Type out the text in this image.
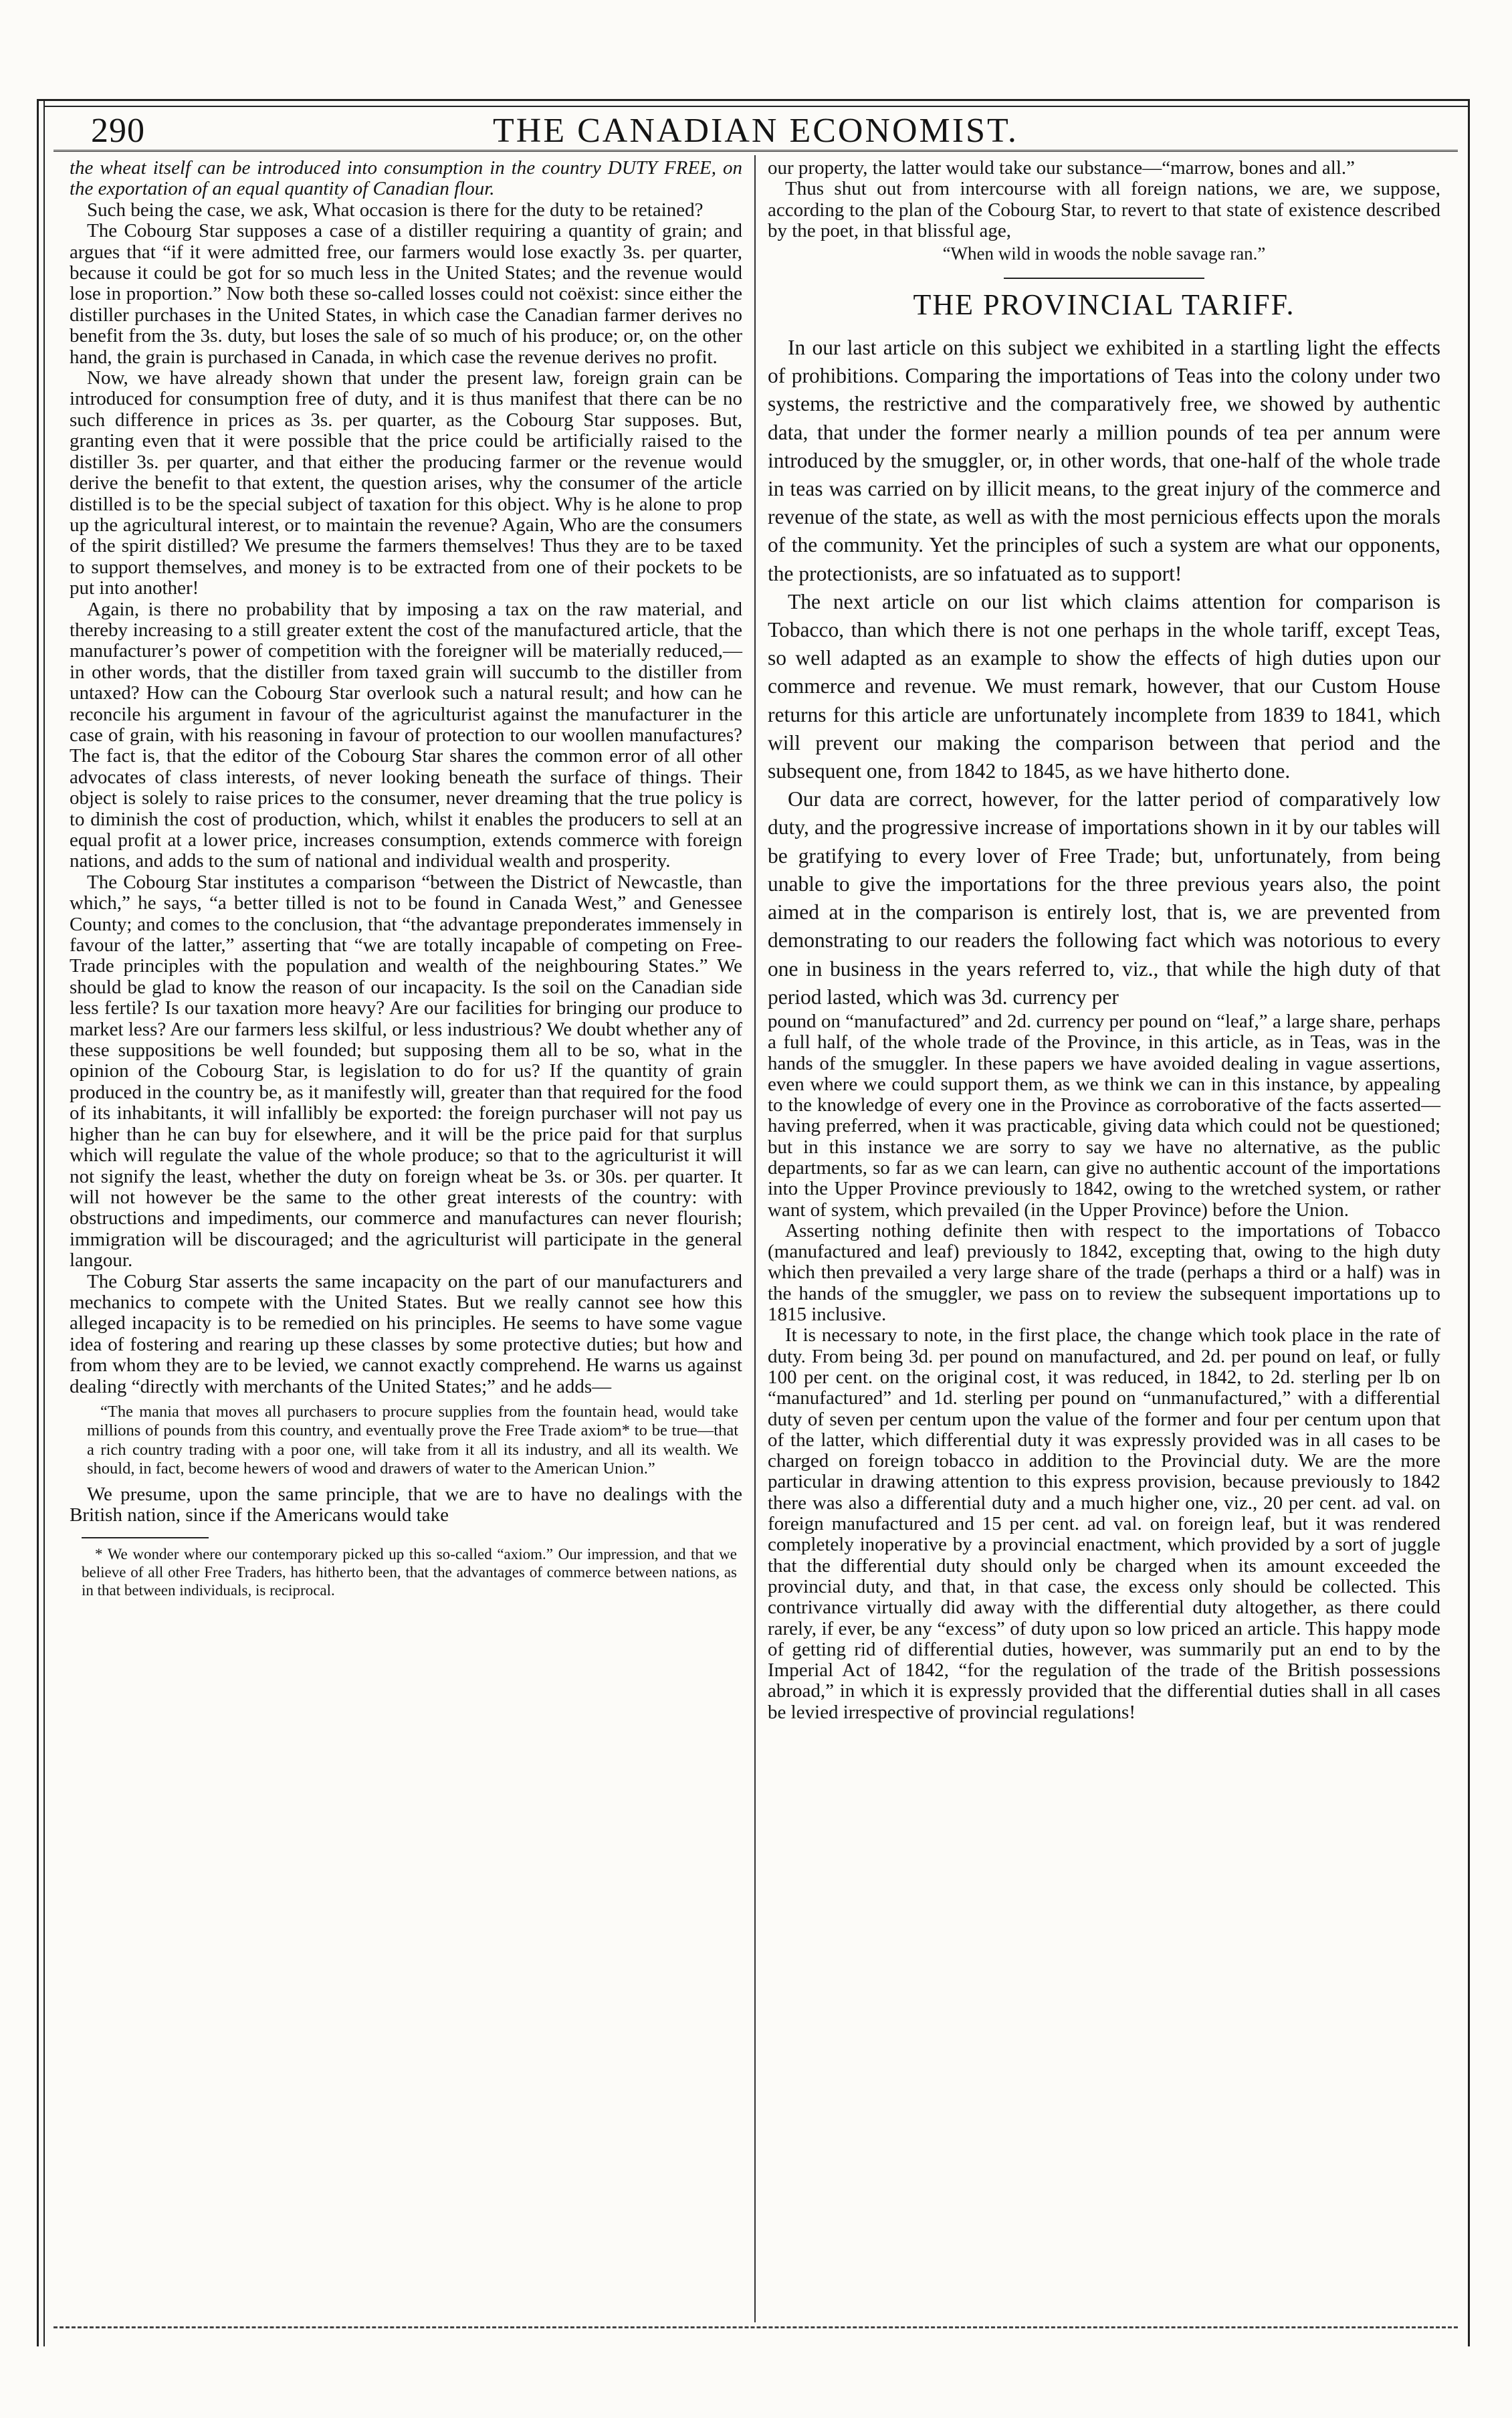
290	THE CANADIAN ECONOMIST.

the wheat itself can be introduced into consumption in the country DUTY FREE, on the exportation of an equal quantity of Canadian flour.

Such being the case, we ask, What occasion is there for the duty to be retained?

The Cobourg Star supposes a case of a distiller requiring a quantity of grain; and argues that “if it were admitted free, our farmers would lose exactly 3s. per quarter, because it could be got for so much less in the United States; and the revenue would lose in proportion.” Now both these so-called losses could not coëxist: since either the distiller purchases in the United States, in which case the Canadian farmer derives no benefit from the 3s. duty, but loses the sale of so much of his produce; or, on the other hand, the grain is purchased in Canada, in which case the revenue derives no profit.

Now, we have already shown that under the present law, foreign grain can be introduced for consumption free of duty, and it is thus manifest that there can be no such difference in prices as 3s. per quarter, as the Cobourg Star supposes. But, granting even that it were possible that the price could be artificially raised to the distiller 3s. per quarter, and that either the producing farmer or the revenue would derive the benefit to that extent, the question arises, why the consumer of the article distilled is to be the special subject of taxation for this object. Why is he alone to prop up the agricultural interest, or to maintain the revenue? Again, Who are the consumers of the spirit distilled? We presume the farmers themselves! Thus they are to be taxed to support themselves, and money is to be extracted from one of their pockets to be put into another!

Again, is there no probability that by imposing a tax on the raw material, and thereby increasing to a still greater extent the cost of the manufactured article, that the manufacturer’s power of competition with the foreigner will be materially reduced,—in other words, that the distiller from taxed grain will succumb to the distiller from untaxed? How can the Cobourg Star overlook such a natural result; and how can he reconcile his argument in favour of the agriculturist against the manufacturer in the case of grain, with his reasoning in favour of protection to our woollen manufactures? The fact is, that the editor of the Cobourg Star shares the common error of all other advocates of class interests, of never looking beneath the surface of things. Their object is solely to raise prices to the consumer, never dreaming that the true policy is to diminish the cost of production, which, whilst it enables the producers to sell at an equal profit at a lower price, increases consumption, extends commerce with foreign nations, and adds to the sum of national and individual wealth and prosperity.

The Cobourg Star institutes a comparison “between the District of Newcastle, than which,” he says, “a better tilled is not to be found in Canada West,” and Genessee County; and comes to the conclusion, that “the advantage preponderates immensely in favour of the latter,” asserting that “we are totally incapable of competing on Free-Trade principles with the population and wealth of the neighbouring States.” We should be glad to know the reason of our incapacity. Is the soil on the Canadian side less fertile? Is our taxation more heavy? Are our facilities for bringing our produce to market less? Are our farmers less skilful, or less industrious? We doubt whether any of these suppositions be well founded; but supposing them all to be so, what in the opinion of the Cobourg Star, is legislation to do for us? If the quantity of grain produced in the country be, as it manifestly will, greater than that required for the food of its inhabitants, it will infallibly be exported: the foreign purchaser will not pay us higher than he can buy for elsewhere, and it will be the price paid for that surplus which will regulate the value of the whole produce; so that to the agriculturist it will not signify the least, whether the duty on foreign wheat be 3s. or 30s. per quarter. It will not however be the same to the other great interests of the country: with obstructions and impediments, our commerce and manufactures can never flourish; immigration will be discouraged; and the agriculturist will participate in the general langour.

The Coburg Star asserts the same incapacity on the part of our manufacturers and mechanics to compete with the United States. But we really cannot see how this alleged incapacity is to be remedied on his principles. He seems to have some vague idea of fostering and rearing up these classes by some protective duties; but how and from whom they are to be levied, we cannot exactly comprehend. He warns us against dealing “directly with merchants of the United States;” and he adds—

“The mania that moves all purchasers to procure supplies from the fountain head, would take millions of pounds from this country, and eventually prove the Free Trade axiom* to be true—that a rich country trading with a poor one, will take from it all its industry, and all its wealth. We should, in fact, become hewers of wood and drawers of water to the American Union.”

We presume, upon the same principle, that we are to have no dealings with the British nation, since if the Americans would take

* We wonder where our contemporary picked up this so-called “axiom.” Our impression, and that we believe of all other Free Traders, has hitherto been, that the advantages of commerce between nations, as in that between individuals, is reciprocal.

our property, the latter would take our substance—“marrow, bones and all.”

Thus shut out from intercourse with all foreign nations, we are, we suppose, according to the plan of the Cobourg Star, to revert to that state of existence described by the poet, in that blissful age,

“When wild in woods the noble savage ran.”
THE PROVINCIAL TARIFF.

In our last article on this subject we exhibited in a startling light the effects of prohibitions. Comparing the importations of Teas into the colony under two systems, the restrictive and the comparatively free, we showed by authentic data, that under the former nearly a million pounds of tea per annum were introduced by the smuggler, or, in other words, that one-half of the whole trade in teas was carried on by illicit means, to the great injury of the commerce and revenue of the state, as well as with the most pernicious effects upon the morals of the community. Yet the principles of such a system are what our opponents, the protectionists, are so infatuated as to support!

The next article on our list which claims attention for comparison is Tobacco, than which there is not one perhaps in the whole tariff, except Teas, so well adapted as an example to show the effects of high duties upon our commerce and revenue. We must remark, however, that our Custom House returns for this article are unfortunately incomplete from 1839 to 1841, which will prevent our making the comparison between that period and the subsequent one, from 1842 to 1845, as we have hitherto done.

Our data are correct, however, for the latter period of comparatively low duty, and the progressive increase of importations shown in it by our tables will be gratifying to every lover of Free Trade; but, unfortunately, from being unable to give the importations for the three previous years also, the point aimed at in the comparison is entirely lost, that is, we are prevented from demonstrating to our readers the following fact which was notorious to every one in business in the years referred to, viz., that while the high duty of that period lasted, which was 3d. currency per

pound on “manufactured” and 2d. currency per pound on “leaf,” a large share, perhaps a full half, of the whole trade of the Province, in this article, as in Teas, was in the hands of the smuggler. In these papers we have avoided dealing in vague assertions, even where we could support them, as we think we can in this instance, by appealing to the knowledge of every one in the Province as corroborative of the facts asserted—having preferred, when it was practicable, giving data which could not be questioned; but in this instance we are sorry to say we have no alternative, as the public departments, so far as we can learn, can give no authentic account of the importations into the Upper Province previously to 1842, owing to the wretched system, or rather want of system, which prevailed (in the Upper Province) before the Union.

Asserting nothing definite then with respect to the importations of Tobacco (manufactured and leaf) previously to 1842, excepting that, owing to the high duty which then prevailed a very large share of the trade (perhaps a third or a half) was in the hands of the smuggler, we pass on to review the subsequent importations up to 1815 inclusive.

It is necessary to note, in the first place, the change which took place in the rate of duty. From being 3d. per pound on manufactured, and 2d. per pound on leaf, or fully 100 per cent. on the original cost, it was reduced, in 1842, to 2d. sterling per lb on “manufactured” and 1d. sterling per pound on “unmanufactured,” with a differential duty of seven per centum upon the value of the former and four per centum upon that of the latter, which differential duty it was expressly provided was in all cases to be charged on foreign tobacco in addition to the Provincial duty. We are the more particular in drawing attention to this express provision, because previously to 1842 there was also a differential duty and a much higher one, viz., 20 per cent. ad val. on foreign manufactured and 15 per cent. ad val. on foreign leaf, but it was rendered completely inoperative by a provincial enactment, which provided by a sort of juggle that the differential duty should only be charged when its amount exceeded the provincial duty, and that, in that case, the excess only should be collected. This contrivance virtually did away with the differential duty altogether, as there could rarely, if ever, be any “excess” of duty upon so low priced an article. This happy mode of getting rid of differential duties, however, was summarily put an end to by the Imperial Act of 1842, “for the regulation of the trade of the British possessions abroad,” in which it is expressly provided that the differential duties shall in all cases be levied irrespective of provincial regulations!
